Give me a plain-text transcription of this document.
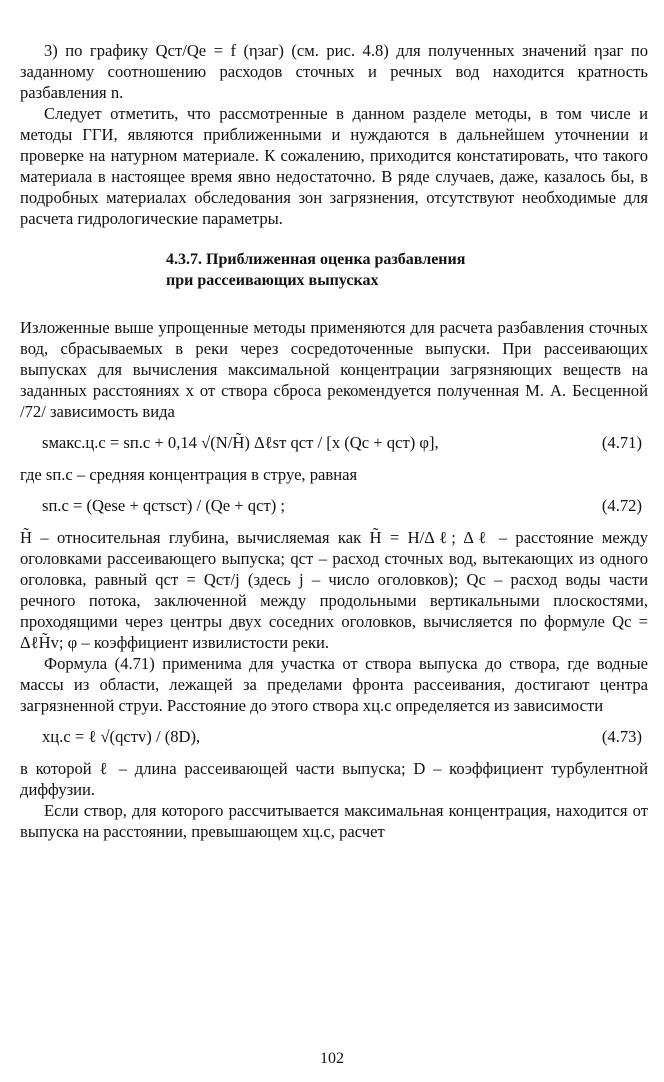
3) по графику Qст/Qе = f (ηзаг) (см. рис. 4.8) для полученных значений ηзаг по заданному соотношению расходов сточных и речных вод находится кратность разбавления n.

Следует отметить, что рассмотренные в данном разделе методы, в том числе и методы ГГИ, являются приближенными и нуждаются в дальнейшем уточнении и проверке на натурном материале. К сожалению, приходится констатировать, что такого материала в настоящее время явно недостаточно. В ряде случаев, даже, казалось бы, в подробных материалах обследования зон загрязнения, отсутствуют необходимые для расчета гидрологические параметры.

4.3.7. Приближенная оценка разбавления
при рассеивающих выпусках

Изложенные выше упрощенные методы применяются для расчета разбавления сточных вод, сбрасываемых в реки через сосредоточенные выпуски. При рассеивающих выпусках для вычисления максимальной концентрации загрязняющих веществ на заданных расстояниях x от створа сброса рекомендуется полученная М. А. Бесценной /72/ зависимость вида

sмакс.ц.с = sп.с + 0,14 √(N/H̃) Δℓsт qст / [x (Qс + qст) φ],	(4.71)

где sп.с – средняя концентрация в струе, равная

sп.с = (Qеsе + qстsст) / (Qе + qст) ;	(4.72)

H̃ – относительная глубина, вычисляемая как H̃ = H/Δℓ; Δℓ – расстояние между оголовками рассеивающего выпуска; qст – расход сточных вод, вытекающих из одного оголовка, равный qст = Qст/j (здесь j – число оголовков); Qс – расход воды части речного потока, заключенной между продольными вертикальными плоскостями, проходящими через центры двух соседних оголовков, вычисляется по формуле Qс = ΔℓH̃v; φ – коэффициент извилистости реки.

Формула (4.71) применима для участка от створа выпуска до створа, где водные массы из области, лежащей за пределами фронта рассеивания, достигают центра загрязненной струи. Расстояние до этого створа xц.с определяется из зависимости

xц.с = ℓ √(qстv) / (8D),	(4.73)

в которой ℓ – длина рассеивающей части выпуска; D – коэффициент турбулентной диффузии.

Если створ, для которого рассчитывается максимальная концентрация, находится от выпуска на расстоянии, превышающем xц.с, расчет

102
